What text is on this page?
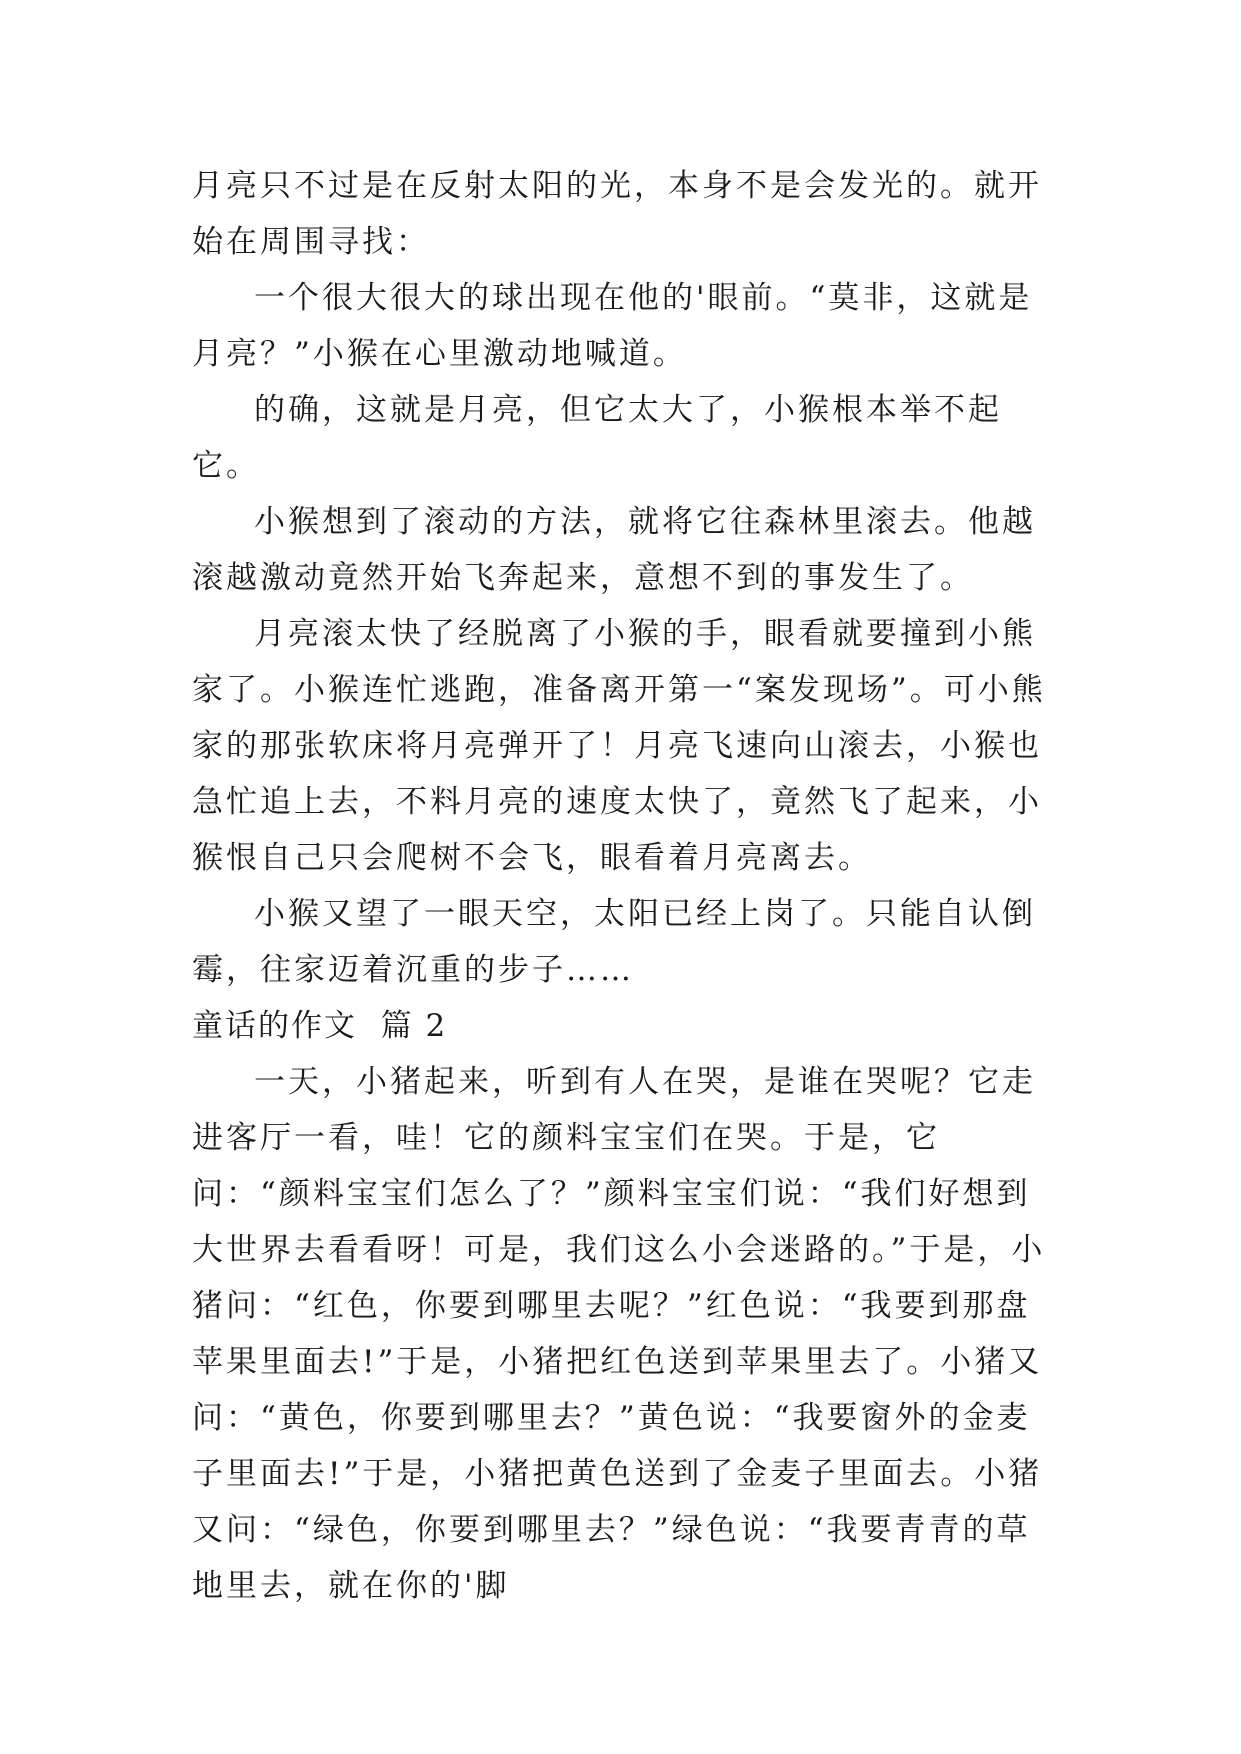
月亮只不过是在反射太阳的光，本身不是会发光的。就开始在周围寻找：

一个很大很大的球出现在他的'眼前。“莫非，这就是月亮？”小猴在心里激动地喊道。

的确，这就是月亮，但它太大了，小猴根本举不起它。

小猴想到了滚动的方法，就将它往森林里滚去。他越滚越激动竟然开始飞奔起来，意想不到的事发生了。

月亮滚太快了经脱离了小猴的手，眼看就要撞到小熊家了。小猴连忙逃跑，准备离开第一“案发现场”。可小熊家的那张软床将月亮弹开了！月亮飞速向山滚去，小猴也急忙追上去，不料月亮的速度太快了，竟然飞了起来，小猴恨自己只会爬树不会飞，眼看着月亮离去。

小猴又望了一眼天空，太阳已经上岗了。只能自认倒霉，往家迈着沉重的步子……

童话的作文  篇 2

一天，小猪起来，听到有人在哭，是谁在哭呢？它走进客厅一看，哇！它的颜料宝宝们在哭。于是，它问：“颜料宝宝们怎么了？”颜料宝宝们说：“我们好想到大世界去看看呀！可是，我们这么小会迷路的。”于是，小猪问：“红色，你要到哪里去呢？”红色说：“我要到那盘苹果里面去!”于是，小猪把红色送到苹果里去了。小猪又问：“黄色，你要到哪里去？”黄色说：“我要窗外的金麦子里面去!”于是，小猪把黄色送到了金麦子里面去。小猪又问：“绿色，你要到哪里去？”绿色说：“我要青青的草地里去，就在你的'脚
